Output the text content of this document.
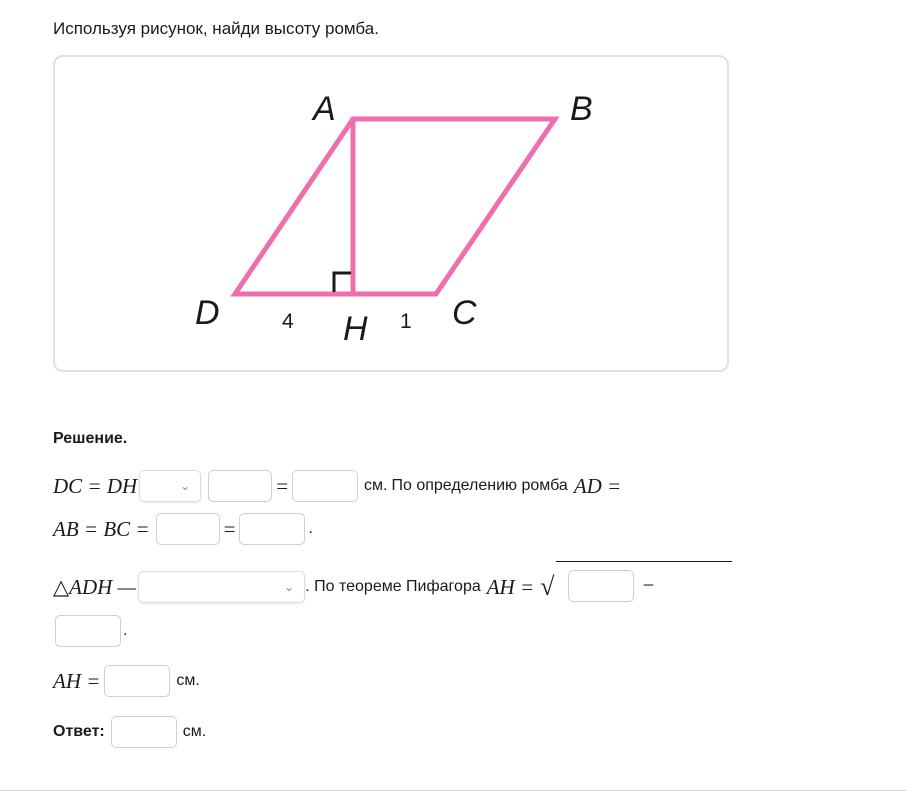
Используя рисунок, найди высоту ромба.
A	B
D	C
H
4	1
Решение.
DC = DH	⌄	=	см. По определению ромба AD =
AB = BC =	=	.
△ADH —	⌄ . По теореме Пифагора AH = √	−
.
AH =	см.
Ответ:	см.
